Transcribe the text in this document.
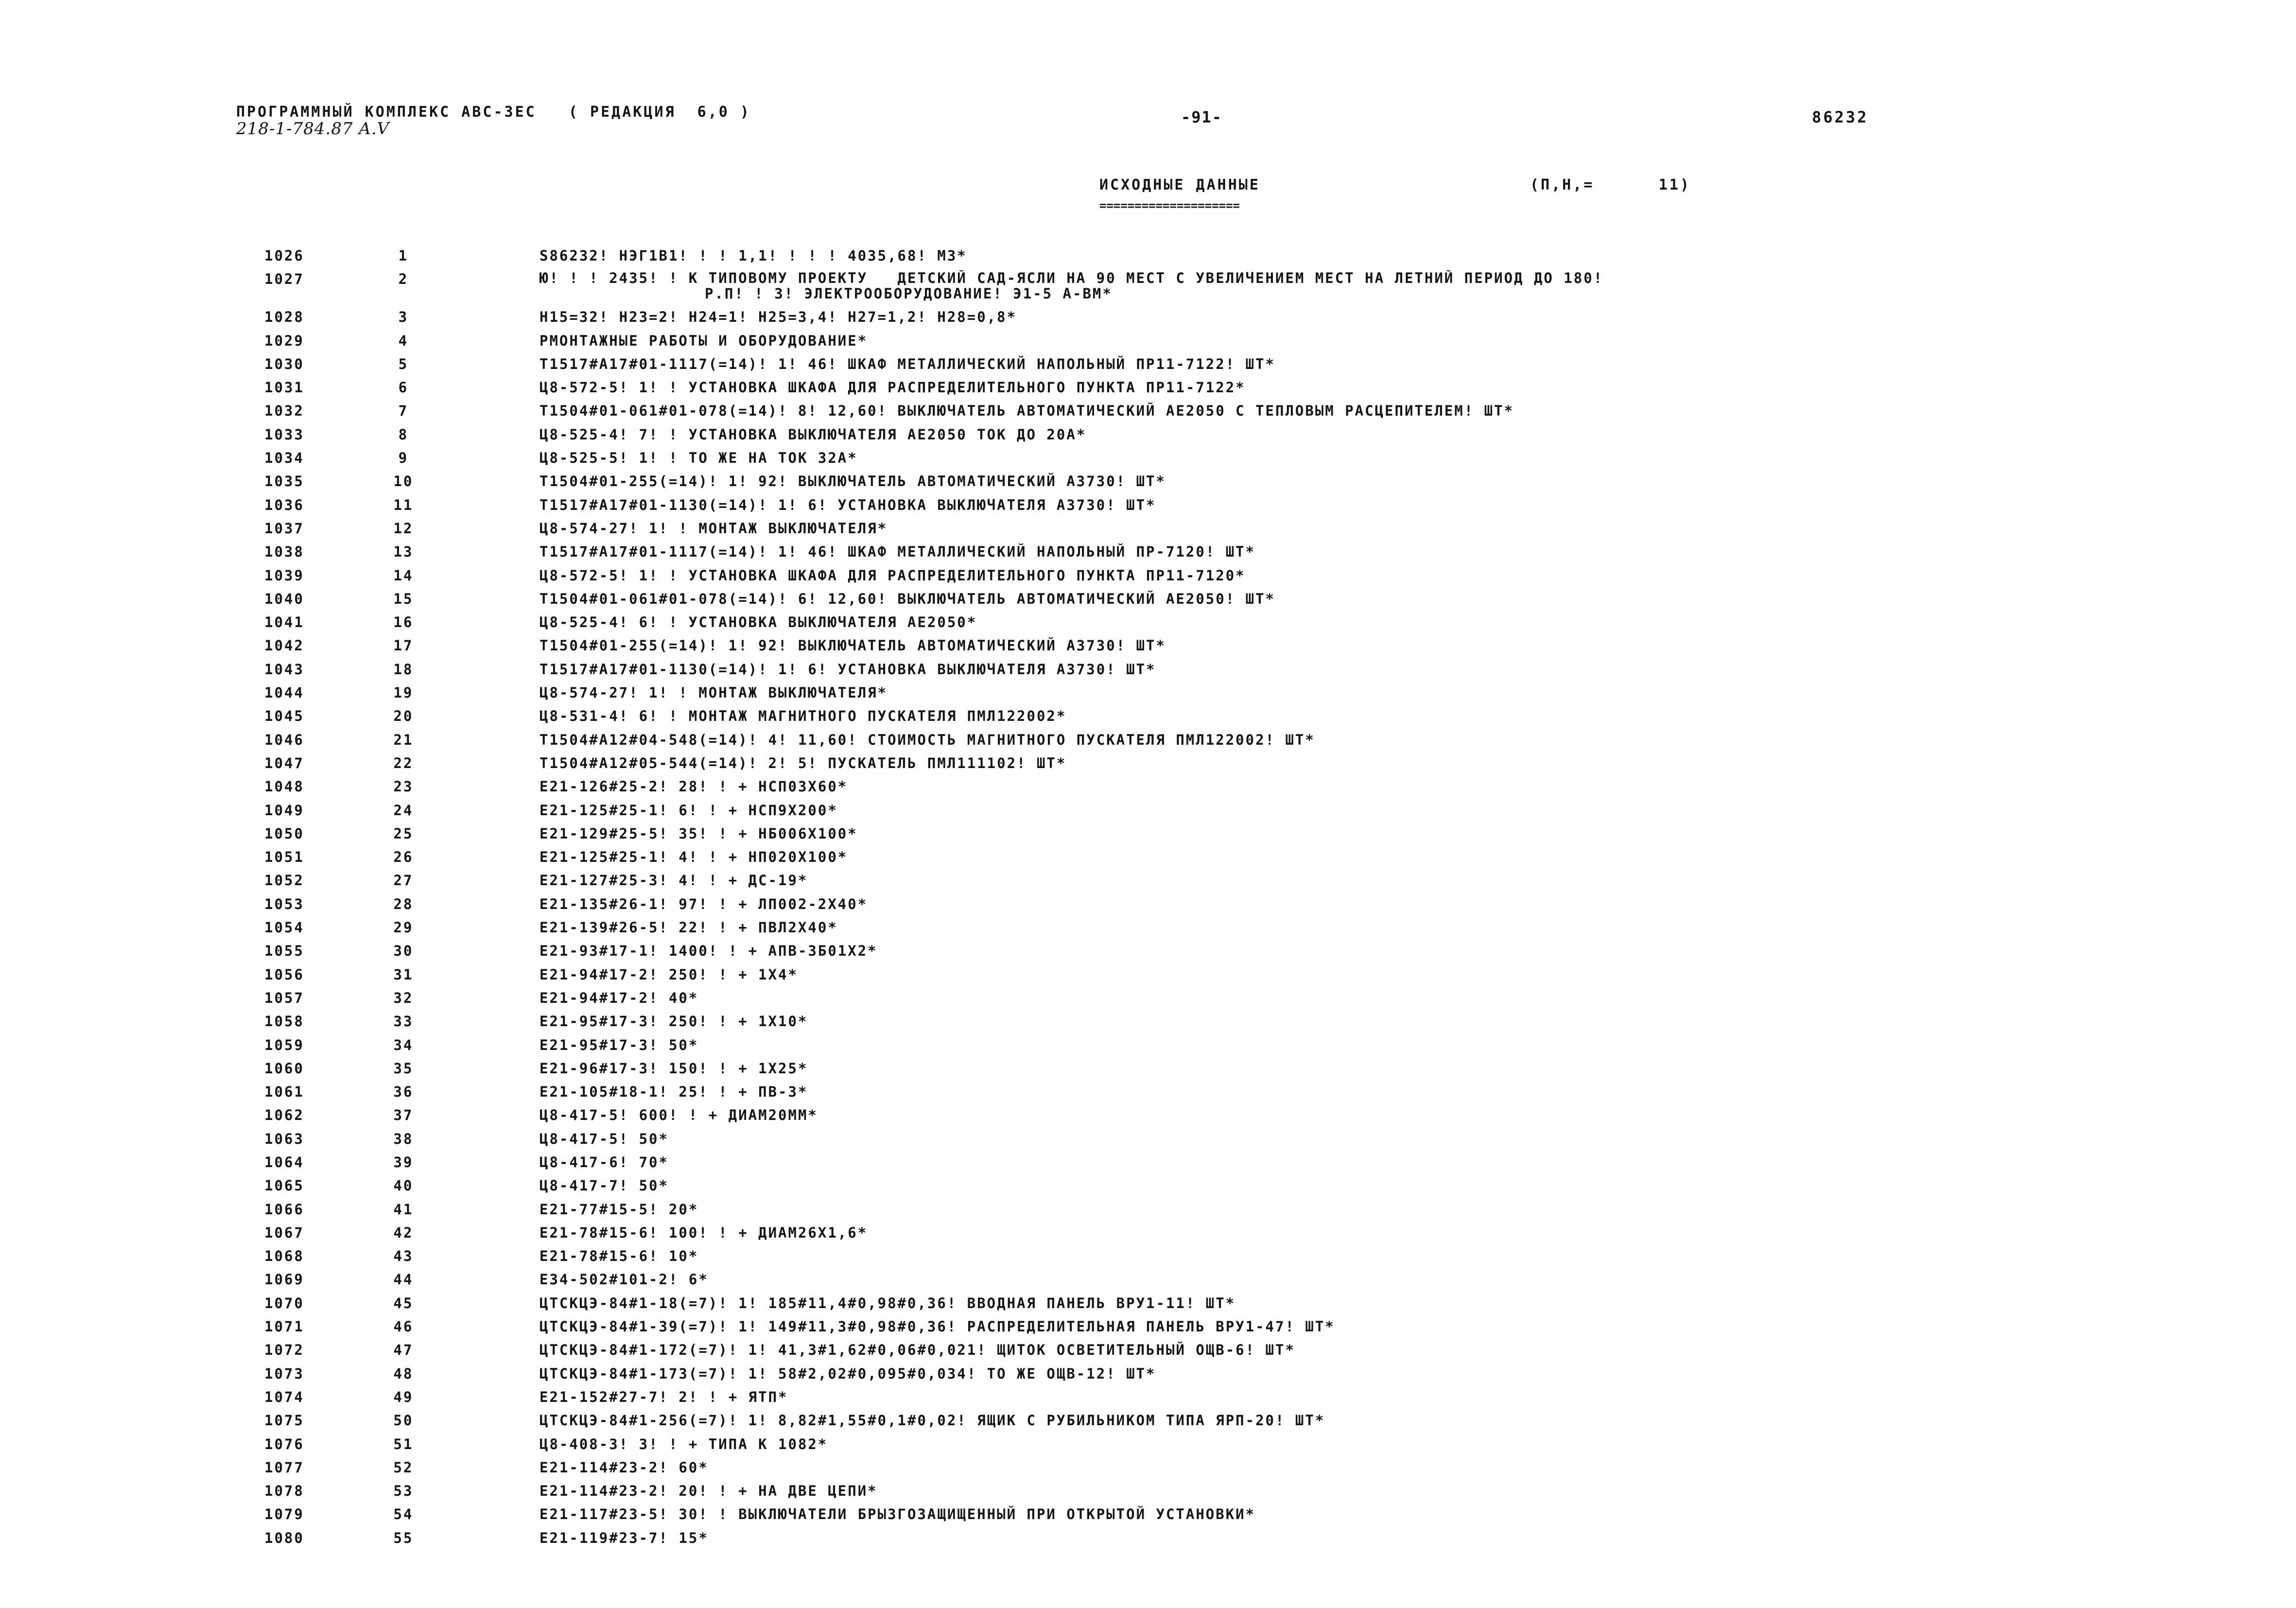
ПРОГРАММНЫЙ КОМПЛЕКС АВС-3ЕС ( РЕДАКЦИЯ  6,0 )
218-1-784.87 A.V
-91-	86232
ИСХОДНЫЕ ДАННЫЕ
====================
(П,Н,=	11)
1026	1	S86232! НЭГ1В1! ! ! 1,1! ! ! ! 4035,68! МЗ*
1027	2	Ю! ! ! 2435! ! К ТИПОВОМУ ПРОЕКТУ   ДЕТСКИЙ САД-ЯСЛИ НА 90 МЕСТ С УВЕЛИЧЕНИЕМ МЕСТ НА ЛЕТНИЙ ПЕРИОД ДО 180!
Р.П! ! 3! ЭЛЕКТРООБОРУДОВАНИЕ! Э1-5 А-ВМ*
1028	3	Н15=32! Н23=2! Н24=1! Н25=3,4! Н27=1,2! Н28=0,8*
1029	4	РМОНТАЖНЫЕ РАБОТЫ И ОБОРУДОВАНИЕ*
1030	5	Т1517#А17#01-1117(=14)! 1! 46! ШКАФ МЕТАЛЛИЧЕСКИЙ НАПОЛЬНЫЙ ПР11-7122! ШТ*
1031	6	Ц8-572-5! 1! ! УСТАНОВКА ШКАФА ДЛЯ РАСПРЕДЕЛИТЕЛЬНОГО ПУНКТА ПР11-7122*
1032	7	Т1504#01-061#01-078(=14)! 8! 12,60! ВЫКЛЮЧАТЕЛЬ АВТОМАТИЧЕСКИЙ АЕ2050 С ТЕПЛОВЫМ РАСЦЕПИТЕЛЕМ! ШТ*
1033	8	Ц8-525-4! 7! ! УСТАНОВКА ВЫКЛЮЧАТЕЛЯ АЕ2050 ТОК ДО 20А*
1034	9	Ц8-525-5! 1! ! ТО ЖЕ НА ТОК 32А*
1035	10	Т1504#01-255(=14)! 1! 92! ВЫКЛЮЧАТЕЛЬ АВТОМАТИЧЕСКИЙ А3730! ШТ*
1036	11	Т1517#А17#01-1130(=14)! 1! 6! УСТАНОВКА ВЫКЛЮЧАТЕЛЯ А3730! ШТ*
1037	12	Ц8-574-27! 1! ! МОНТАЖ ВЫКЛЮЧАТЕЛЯ*
1038	13	Т1517#А17#01-1117(=14)! 1! 46! ШКАФ МЕТАЛЛИЧЕСКИЙ НАПОЛЬНЫЙ ПР-7120! ШТ*
1039	14	Ц8-572-5! 1! ! УСТАНОВКА ШКАФА ДЛЯ РАСПРЕДЕЛИТЕЛЬНОГО ПУНКТА ПР11-7120*
1040	15	Т1504#01-061#01-078(=14)! 6! 12,60! ВЫКЛЮЧАТЕЛЬ АВТОМАТИЧЕСКИЙ АЕ2050! ШТ*
1041	16	Ц8-525-4! 6! ! УСТАНОВКА ВЫКЛЮЧАТЕЛЯ АЕ2050*
1042	17	Т1504#01-255(=14)! 1! 92! ВЫКЛЮЧАТЕЛЬ АВТОМАТИЧЕСКИЙ А3730! ШТ*
1043	18	Т1517#А17#01-1130(=14)! 1! 6! УСТАНОВКА ВЫКЛЮЧАТЕЛЯ А3730! ШТ*
1044	19	Ц8-574-27! 1! ! МОНТАЖ ВЫКЛЮЧАТЕЛЯ*
1045	20	Ц8-531-4! 6! ! МОНТАЖ МАГНИТНОГО ПУСКАТЕЛЯ ПМЛ122002*
1046	21	Т1504#А12#04-548(=14)! 4! 11,60! СТОИМОСТЬ МАГНИТНОГО ПУСКАТЕЛЯ ПМЛ122002! ШТ*
1047	22	Т1504#А12#05-544(=14)! 2! 5! ПУСКАТЕЛЬ ПМЛ111102! ШТ*
1048	23	Е21-126#25-2! 28! ! + НСП03Х60*
1049	24	Е21-125#25-1! 6! ! + НСП9Х200*
1050	25	Е21-129#25-5! 35! ! + НБ006Х100*
1051	26	Е21-125#25-1! 4! ! + НП020Х100*
1052	27	Е21-127#25-3! 4! ! + ДС-19*
1053	28	Е21-135#26-1! 97! ! + ЛП002-2Х40*
1054	29	Е21-139#26-5! 22! ! + ПВЛ2Х40*
1055	30	Е21-93#17-1! 1400! ! + АПВ-3Б01Х2*
1056	31	Е21-94#17-2! 250! ! + 1Х4*
1057	32	Е21-94#17-2! 40*
1058	33	Е21-95#17-3! 250! ! + 1Х10*
1059	34	Е21-95#17-3! 50*
1060	35	Е21-96#17-3! 150! ! + 1Х25*
1061	36	Е21-105#18-1! 25! ! + ПВ-3*
1062	37	Ц8-417-5! 600! ! + ДИАМ20ММ*
1063	38	Ц8-417-5! 50*
1064	39	Ц8-417-6! 70*
1065	40	Ц8-417-7! 50*
1066	41	Е21-77#15-5! 20*
1067	42	Е21-78#15-6! 100! ! + ДИАМ26Х1,6*
1068	43	Е21-78#15-6! 10*
1069	44	Е34-502#101-2! 6*
1070	45	ЦТСКЦЭ-84#1-18(=7)! 1! 185#11,4#0,98#0,36! ВВОДНАЯ ПАНЕЛЬ ВРУ1-11! ШТ*
1071	46	ЦТСКЦЭ-84#1-39(=7)! 1! 149#11,3#0,98#0,36! РАСПРЕДЕЛИТЕЛЬНАЯ ПАНЕЛЬ ВРУ1-47! ШТ*
1072	47	ЦТСКЦЭ-84#1-172(=7)! 1! 41,3#1,62#0,06#0,021! ЩИТОК ОСВЕТИТЕЛЬНЫЙ ОЩВ-6! ШТ*
1073	48	ЦТСКЦЭ-84#1-173(=7)! 1! 58#2,02#0,095#0,034! ТО ЖЕ ОЩВ-12! ШТ*
1074	49	Е21-152#27-7! 2! ! + ЯТП*
1075	50	ЦТСКЦЭ-84#1-256(=7)! 1! 8,82#1,55#0,1#0,02! ЯЩИК С РУБИЛЬНИКОМ ТИПА ЯРП-20! ШТ*
1076	51	Ц8-408-3! 3! ! + ТИПА К 1082*
1077	52	Е21-114#23-2! 60*
1078	53	Е21-114#23-2! 20! ! + НА ДВЕ ЦЕПИ*
1079	54	Е21-117#23-5! 30! ! ВЫКЛЮЧАТЕЛИ БРЫЗГОЗАЩИЩЕННЫЙ ПРИ ОТКРЫТОЙ УСТАНОВКИ*
1080	55	Е21-119#23-7! 15*
